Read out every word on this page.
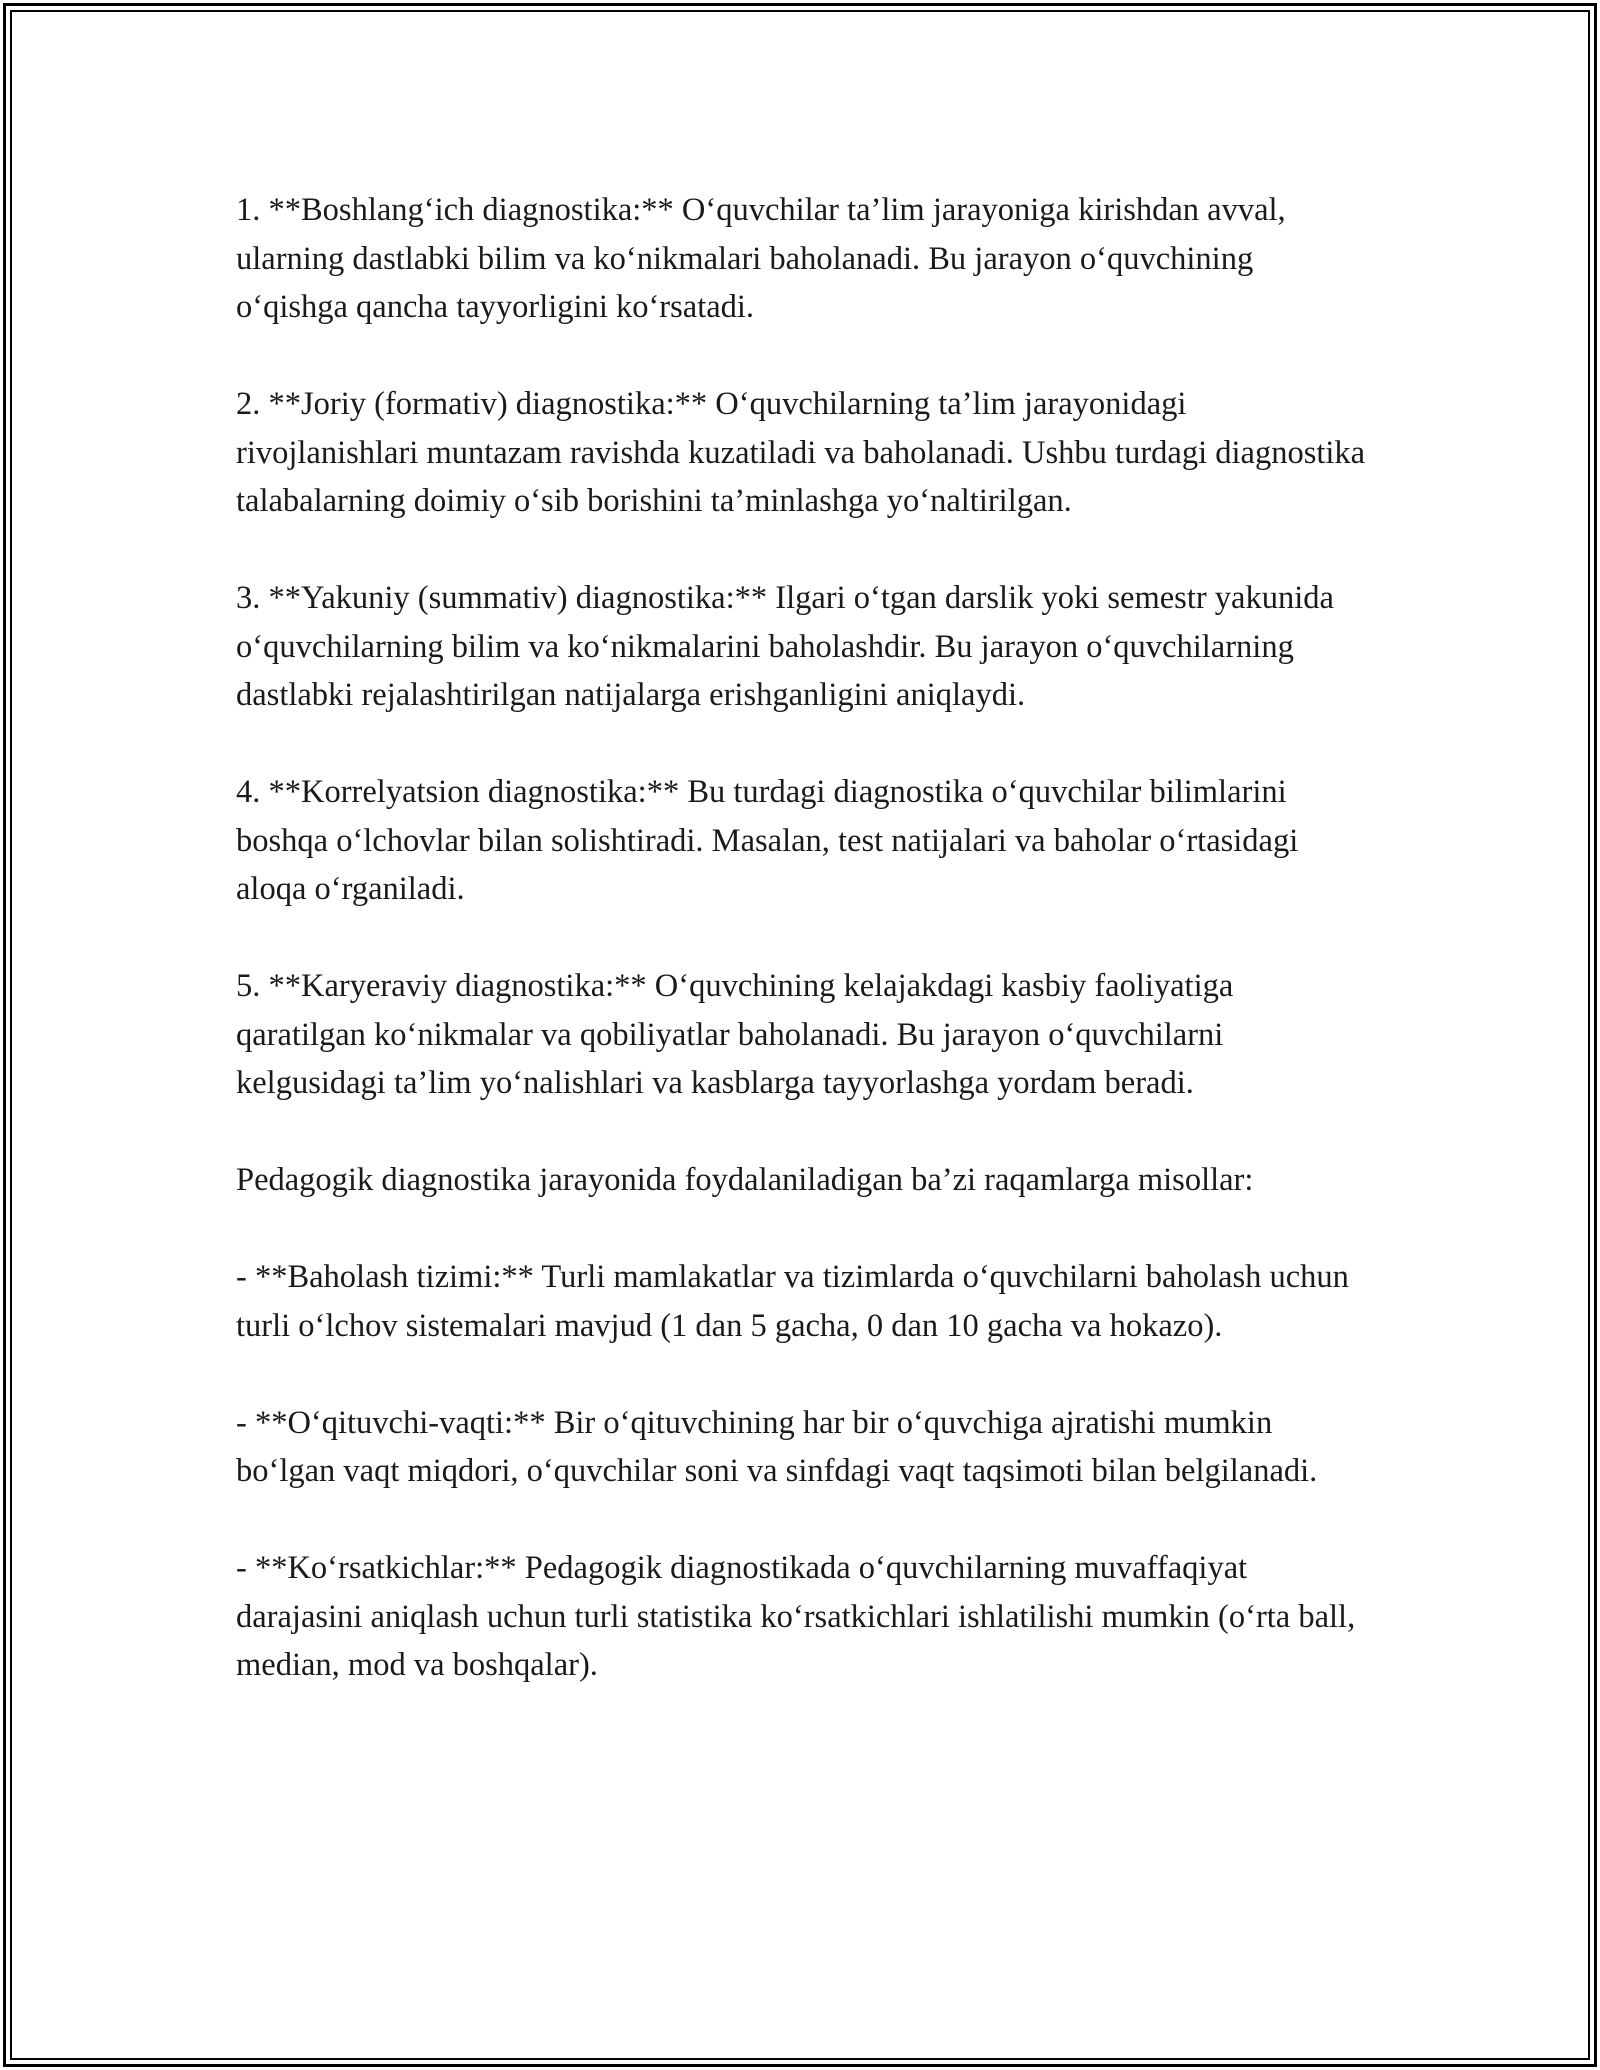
1. **Boshlang‘ich diagnostika:** O‘quvchilar ta’lim jarayoniga kirishdan avval, ularning dastlabki bilim va ko‘nikmalari baholanadi. Bu jarayon o‘quvchining o‘qishga qancha tayyorligini ko‘rsatadi.

2. **Joriy (formativ) diagnostika:** O‘quvchilarning ta’lim jarayonidagi rivojlanishlari muntazam ravishda kuzatiladi va baholanadi. Ushbu turdagi diagnostika talabalarning doimiy o‘sib borishini ta’minlashga yo‘naltirilgan.

3. **Yakuniy (summativ) diagnostika:** Ilgari o‘tgan darslik yoki semestr yakunida o‘quvchilarning bilim va ko‘nikmalarini baholashdir. Bu jarayon o‘quvchilarning dastlabki rejalashtirilgan natijalarga erishganligini aniqlaydi.

4. **Korrelyatsion diagnostika:** Bu turdagi diagnostika o‘quvchilar bilimlarini boshqa o‘lchovlar bilan solishtiradi. Masalan, test natijalari va baholar o‘rtasidagi aloqa o‘rganiladi.

5. **Karyeraviy diagnostika:** O‘quvchining kelajakdagi kasbiy faoliyatiga qaratilgan ko‘nikmalar va qobiliyatlar baholanadi. Bu jarayon o‘quvchilarni kelgusidagi ta’lim yo‘nalishlari va kasblarga tayyorlashga yordam beradi.

Pedagogik diagnostika jarayonida foydalaniladigan ba’zi raqamlarga misollar:

- **Baholash tizimi:** Turli mamlakatlar va tizimlarda o‘quvchilarni baholash uchun turli o‘lchov sistemalari mavjud (1 dan 5 gacha, 0 dan 10 gacha va hokazo).

- **O‘qituvchi-vaqti:** Bir o‘qituvchining har bir o‘quvchiga ajratishi mumkin bo‘lgan vaqt miqdori, o‘quvchilar soni va sinfdagi vaqt taqsimoti bilan belgilanadi.

- **Ko‘rsatkichlar:** Pedagogik diagnostikada o‘quvchilarning muvaffaqiyat darajasini aniqlash uchun turli statistika ko‘rsatkichlari ishlatilishi mumkin (o‘rta ball, median, mod va boshqalar).
